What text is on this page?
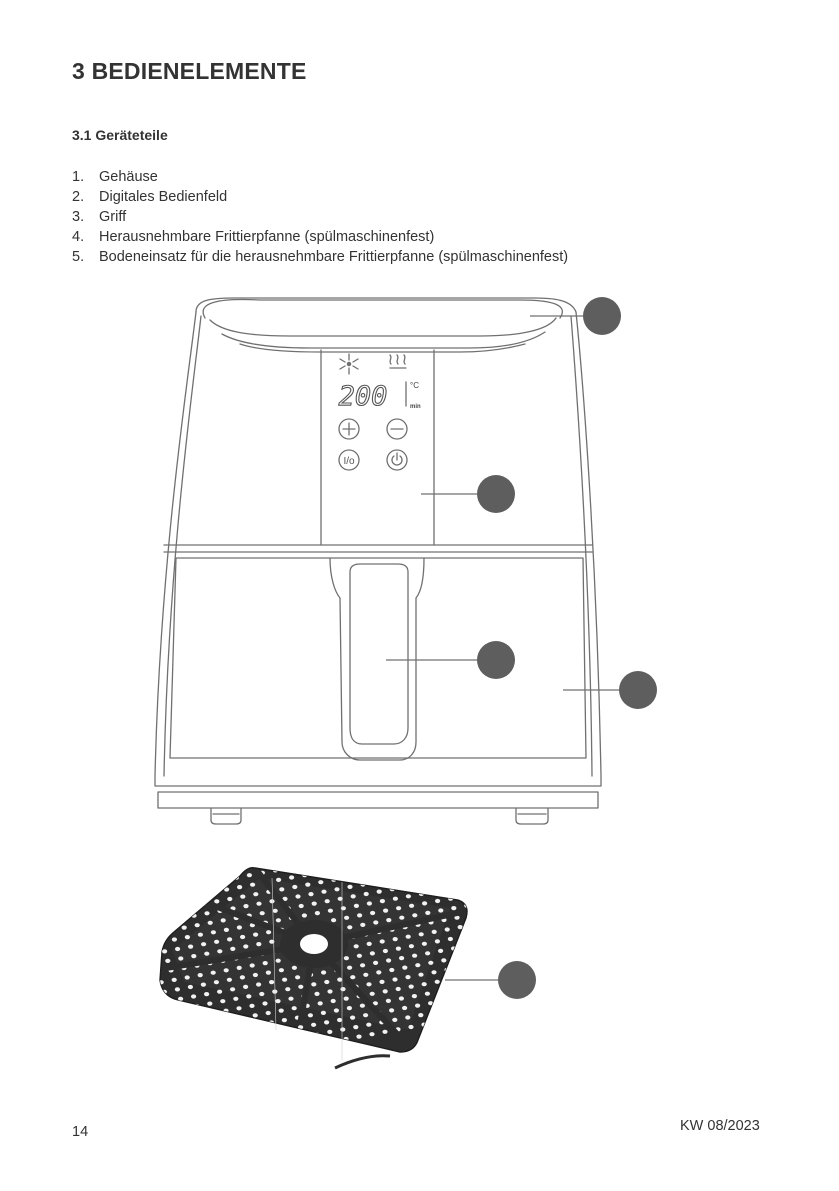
3 BEDIENELEMENTE
3.1 Geräteteile
1. Gehäuse
2. Digitales Bedienfeld
3. Griff
4. Herausnehmbare Frittierpfanne (spülmaschinenfest)
5. Bodeneinsatz für die herausnehmbare Frittierpfanne (spülmaschinenfest)
200	°C
min
I/o
14	KW 08/2023
